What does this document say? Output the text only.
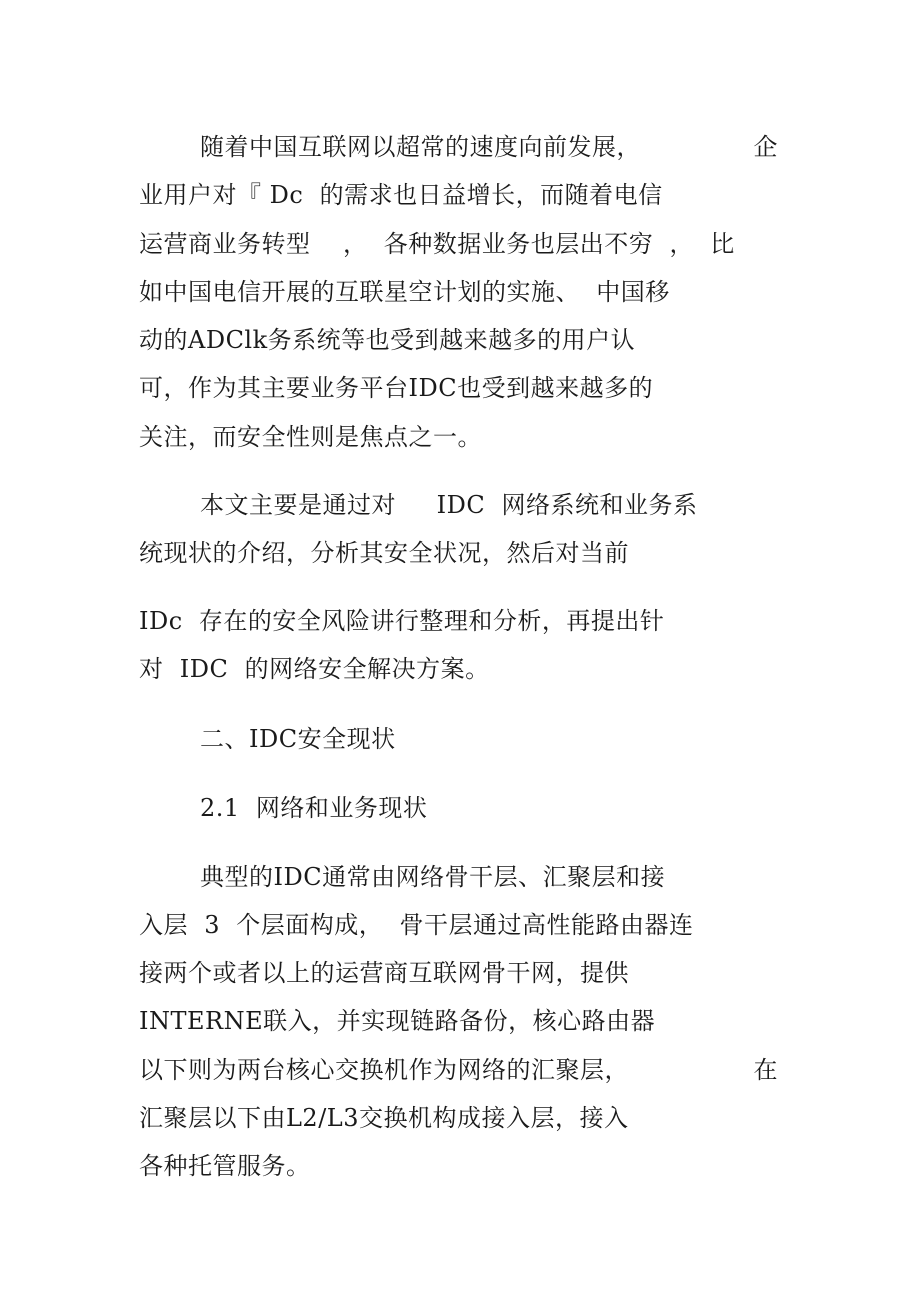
随着中国互联网以超常的速度向前发展，	企
业用户对『 Dc  的需求也日益增长，而随着电信
运营商业务转型    ，  各种数据业务也层出不穷  ，  比
如中国电信开展的互联星空计划的实施、  中国移
动的ADClk务系统等也受到越来越多的用户认
可，作为其主要业务平台IDC也受到越来越多的
关注，而安全性则是焦点之一。
本文主要是通过对     IDC  网络系统和业务系
统现状的介绍，分析其安全状况，然后对当前
IDc  存在的安全风险讲行整理和分析，再提出针
对  IDC  的网络安全解决方案。
二、IDC安全现状
2.1  网络和业务现状
典型的IDC通常由网络骨干层、汇聚层和接
入层  3  个层面构成，  骨干层通过高性能路由器连
接两个或者以上的运营商互联网骨干网，提供
INTERNE联入，并实现链路备份，核心路由器
以下则为两台核心交换机作为网络的汇聚层，	在
汇聚层以下由L2/L3交换机构成接入层，接入
各种托管服务。
